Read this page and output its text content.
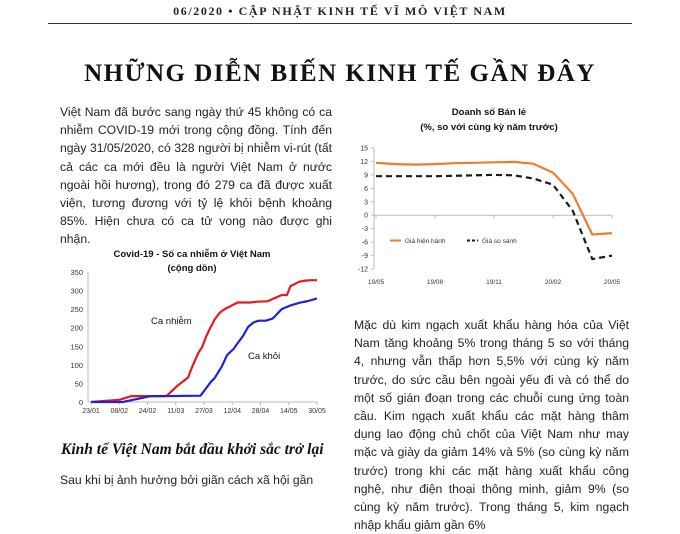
06/2020 • CẬP NHẬT KINH TẾ VĨ MÔ VIỆT NAM
NHỮNG DIỄN BIẾN KINH TẾ GẦN ĐÂY
Việt Nam đã bước sang ngày thứ 45 không có ca nhiễm COVID-19 mới trong cộng đồng. Tính đến ngày 31/05/2020, có 328 người bị nhiễm vi-rút (tất cả các ca mới đều là người Việt Nam ở nước ngoài hồi hương), trong đó 279 ca đã được xuất viện, tương đương với tỷ lệ khỏi bệnh khoảng 85%. Hiện chưa có ca tử vong nào được ghi nhận.
Covid-19 - Số ca nhiễm ở Việt Nam
(cộng dồn)
0
50
100
150
200
250
300
350
23/01 08/02 24/02 11/03 27/03 12/04 28/04 14/05 30/05
Ca nhiễm
Ca khỏi
Doanh số Bán lẻ
(%, so với cùng kỳ năm trước)
15
12
9
6
3
0
-3
-6
-9
-12
19/05	19/08	19/11	20/02	20/05
Giá hiện hành	Giá so sánh
Mặc dù kim ngạch xuất khẩu hàng hóa của Việt Nam tăng khoảng 5% trong tháng 5 so với tháng 4, nhưng vẫn thấp hơn 5,5% với cùng kỳ năm trước, do sức cầu bên ngoài yếu đi và có thể do một số gián đoạn trong các chuỗi cung ứng toàn cầu. Kim ngạch xuất khẩu các mặt hàng thâm dụng lao động chủ chốt của Việt Nam như may mặc và giày da giảm 14% và 5% (so cùng kỳ năm trước) trong khi các mặt hàng xuất khẩu công nghệ, như điện thoại thông minh, giảm 9% (so cùng kỳ năm trước). Trong tháng 5, kim ngạch nhập khẩu giảm gần 6%
Kinh tế Việt Nam bắt đầu khởi sắc trở lại
Sau khi bị ảnh hưởng bởi giãn cách xã hội gần
